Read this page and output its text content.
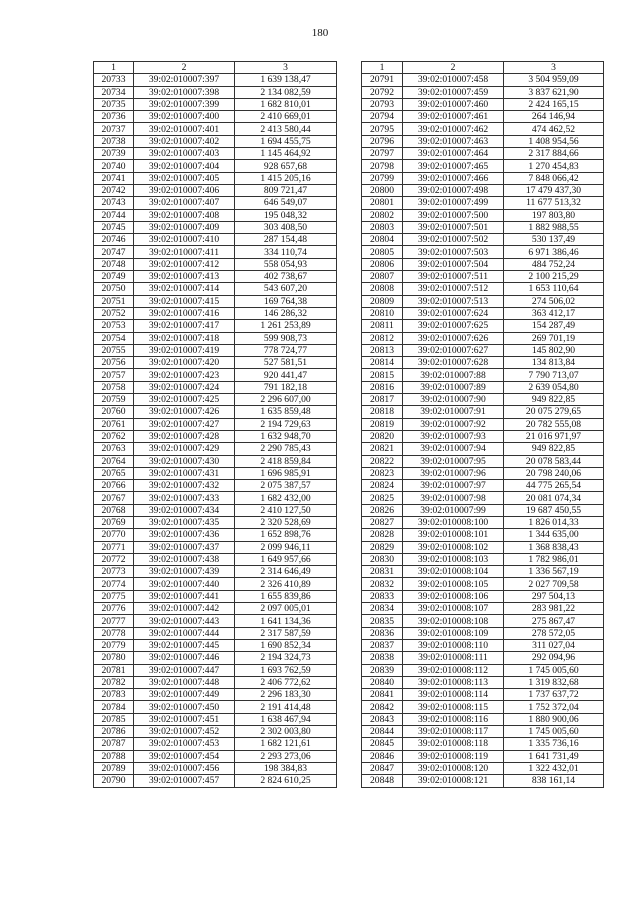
180
1	2	3
20733	39:02:010007:397	1 639 138,47
20734	39:02:010007:398	2 134 082,59
20735	39:02:010007:399	1 682 810,01
20736	39:02:010007:400	2 410 669,01
20737	39:02:010007:401	2 413 580,44
20738	39:02:010007:402	1 694 455,75
20739	39:02:010007:403	1 145 464,92
20740	39:02:010007:404	928 657,68
20741	39:02:010007:405	1 415 205,16
20742	39:02:010007:406	809 721,47
20743	39:02:010007:407	646 549,07
20744	39:02:010007:408	195 048,32
20745	39:02:010007:409	303 408,50
20746	39:02:010007:410	287 154,48
20747	39:02:010007:411	334 110,74
20748	39:02:010007:412	558 054,93
20749	39:02:010007:413	402 738,67
20750	39:02:010007:414	543 607,20
20751	39:02:010007:415	169 764,38
20752	39:02:010007:416	146 286,32
20753	39:02:010007:417	1 261 253,89
20754	39:02:010007:418	599 908,73
20755	39:02:010007:419	778 724,77
20756	39:02:010007:420	527 581,51
20757	39:02:010007:423	920 441,47
20758	39:02:010007:424	791 182,18
20759	39:02:010007:425	2 296 607,00
20760	39:02:010007:426	1 635 859,48
20761	39:02:010007:427	2 194 729,63
20762	39:02:010007:428	1 632 948,70
20763	39:02:010007:429	2 290 785,43
20764	39:02:010007:430	2 418 859,84
20765	39:02:010007:431	1 696 985,91
20766	39:02:010007:432	2 075 387,57
20767	39:02:010007:433	1 682 432,00
20768	39:02:010007:434	2 410 127,50
20769	39:02:010007:435	2 320 528,69
20770	39:02:010007:436	1 652 898,76
20771	39:02:010007:437	2 099 946,11
20772	39:02:010007:438	1 649 957,66
20773	39:02:010007:439	2 314 646,49
20774	39:02:010007:440	2 326 410,89
20775	39:02:010007:441	1 655 839,86
20776	39:02:010007:442	2 097 005,01
20777	39:02:010007:443	1 641 134,36
20778	39:02:010007:444	2 317 587,59
20779	39:02:010007:445	1 690 852,34
20780	39:02:010007:446	2 194 324,73
20781	39:02:010007:447	1 693 762,59
20782	39:02:010007:448	2 406 772,62
20783	39:02:010007:449	2 296 183,30
20784	39:02:010007:450	2 191 414,48
20785	39:02:010007:451	1 638 467,94
20786	39:02:010007:452	2 302 003,80
20787	39:02:010007:453	1 682 121,61
20788	39:02:010007:454	2 293 273,06
20789	39:02:010007:456	198 384,83
20790	39:02:010007:457	2 824 610,25
1	2	3
20791	39:02:010007:458	3 504 959,09
20792	39:02:010007:459	3 837 621,90
20793	39:02:010007:460	2 424 165,15
20794	39:02:010007:461	264 146,94
20795	39:02:010007:462	474 462,52
20796	39:02:010007:463	1 408 954,56
20797	39:02:010007:464	2 317 884,66
20798	39:02:010007:465	1 270 454,83
20799	39:02:010007:466	7 848 066,42
20800	39:02:010007:498	17 479 437,30
20801	39:02:010007:499	11 677 513,32
20802	39:02:010007:500	197 803,80
20803	39:02:010007:501	1 882 988,55
20804	39:02:010007:502	530 137,49
20805	39:02:010007:503	6 971 386,46
20806	39:02:010007:504	484 752,24
20807	39:02:010007:511	2 100 215,29
20808	39:02:010007:512	1 653 110,64
20809	39:02:010007:513	274 506,02
20810	39:02:010007:624	363 412,17
20811	39:02:010007:625	154 287,49
20812	39:02:010007:626	269 701,19
20813	39:02:010007:627	145 802,90
20814	39:02:010007:628	134 813,84
20815	39:02:010007:88	7 790 713,07
20816	39:02:010007:89	2 639 054,80
20817	39:02:010007:90	949 822,85
20818	39:02:010007:91	20 075 279,65
20819	39:02:010007:92	20 782 555,08
20820	39:02:010007:93	21 016 971,97
20821	39:02:010007:94	949 822,85
20822	39:02:010007:95	20 078 583,44
20823	39:02:010007:96	20 798 240,06
20824	39:02:010007:97	44 775 265,54
20825	39:02:010007:98	20 081 074,34
20826	39:02:010007:99	19 687 450,55
20827	39:02:010008:100	1 826 014,33
20828	39:02:010008:101	1 344 635,00
20829	39:02:010008:102	1 368 838,43
20830	39:02:010008:103	1 782 986,01
20831	39:02:010008:104	1 336 567,19
20832	39:02:010008:105	2 027 709,58
20833	39:02:010008:106	297 504,13
20834	39:02:010008:107	283 981,22
20835	39:02:010008:108	275 867,47
20836	39:02:010008:109	278 572,05
20837	39:02:010008:110	311 027,04
20838	39:02:010008:111	292 094,96
20839	39:02:010008:112	1 745 005,60
20840	39:02:010008:113	1 319 832,68
20841	39:02:010008:114	1 737 637,72
20842	39:02:010008:115	1 752 372,04
20843	39:02:010008:116	1 880 900,06
20844	39:02:010008:117	1 745 005,60
20845	39:02:010008:118	1 335 736,16
20846	39:02:010008:119	1 641 731,49
20847	39:02:010008:120	1 322 432,01
20848	39:02:010008:121	838 161,14
